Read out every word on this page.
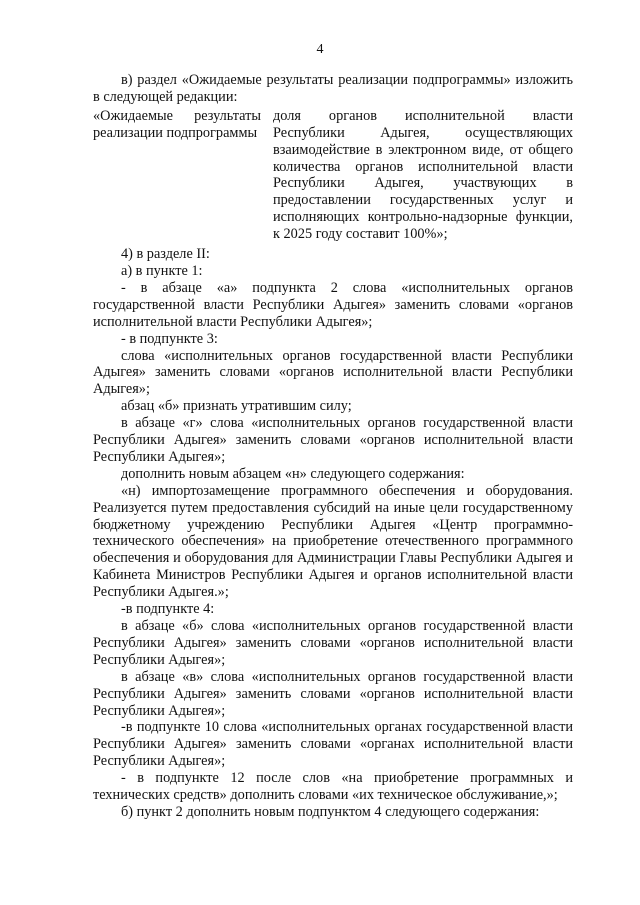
4

в) раздел «Ожидаемые результаты реализации подпрограммы» изложить в следующей редакции:

«Ожидаемые результаты реализации подпрограммы
доля органов исполнительной власти Республики Адыгея, осуществляющих взаимодействие в электронном виде, от общего количества органов исполнительной власти Республики Адыгея, участвующих в предоставлении государственных услуг и исполняющих контрольно-надзорные функции, к 2025 году составит 100%»;

4) в разделе II:

а) в пункте 1:

- в абзаце «а» подпункта 2 слова «исполнительных органов государственной власти Республики Адыгея» заменить словами «органов исполнительной власти Республики Адыгея»;

- в подпункте 3:

слова «исполнительных органов государственной власти Республики Адыгея» заменить словами «органов исполнительной власти Республики Адыгея»;

абзац «б» признать утратившим силу;

в абзаце «г» слова «исполнительных органов государственной власти Республики Адыгея» заменить словами «органов исполнительной власти Республики Адыгея»;

дополнить новым абзацем «н» следующего содержания:

«н) импортозамещение программного обеспечения и оборудования. Реализуется путем предоставления субсидий на иные цели государственному бюджетному учреждению Республики Адыгея «Центр программно-технического обеспечения» на приобретение отечественного программного обеспечения и оборудования для Администрации Главы Республики Адыгея и Кабинета Министров Республики Адыгея и органов исполнительной власти Республики Адыгея.»;

-в подпункте 4:

в абзаце «б» слова «исполнительных органов государственной власти Республики Адыгея» заменить словами «органов исполнительной власти Республики Адыгея»;

в абзаце «в» слова «исполнительных органов государственной власти Республики Адыгея» заменить словами «органов исполнительной власти Республики Адыгея»;

-в подпункте 10 слова «исполнительных органах государственной власти Республики Адыгея» заменить словами «органах исполнительной власти Республики Адыгея»;

- в подпункте 12 после слов «на приобретение программных и технических средств» дополнить словами «их техническое обслуживание,»;

б) пункт 2 дополнить новым подпунктом 4 следующего содержания:
